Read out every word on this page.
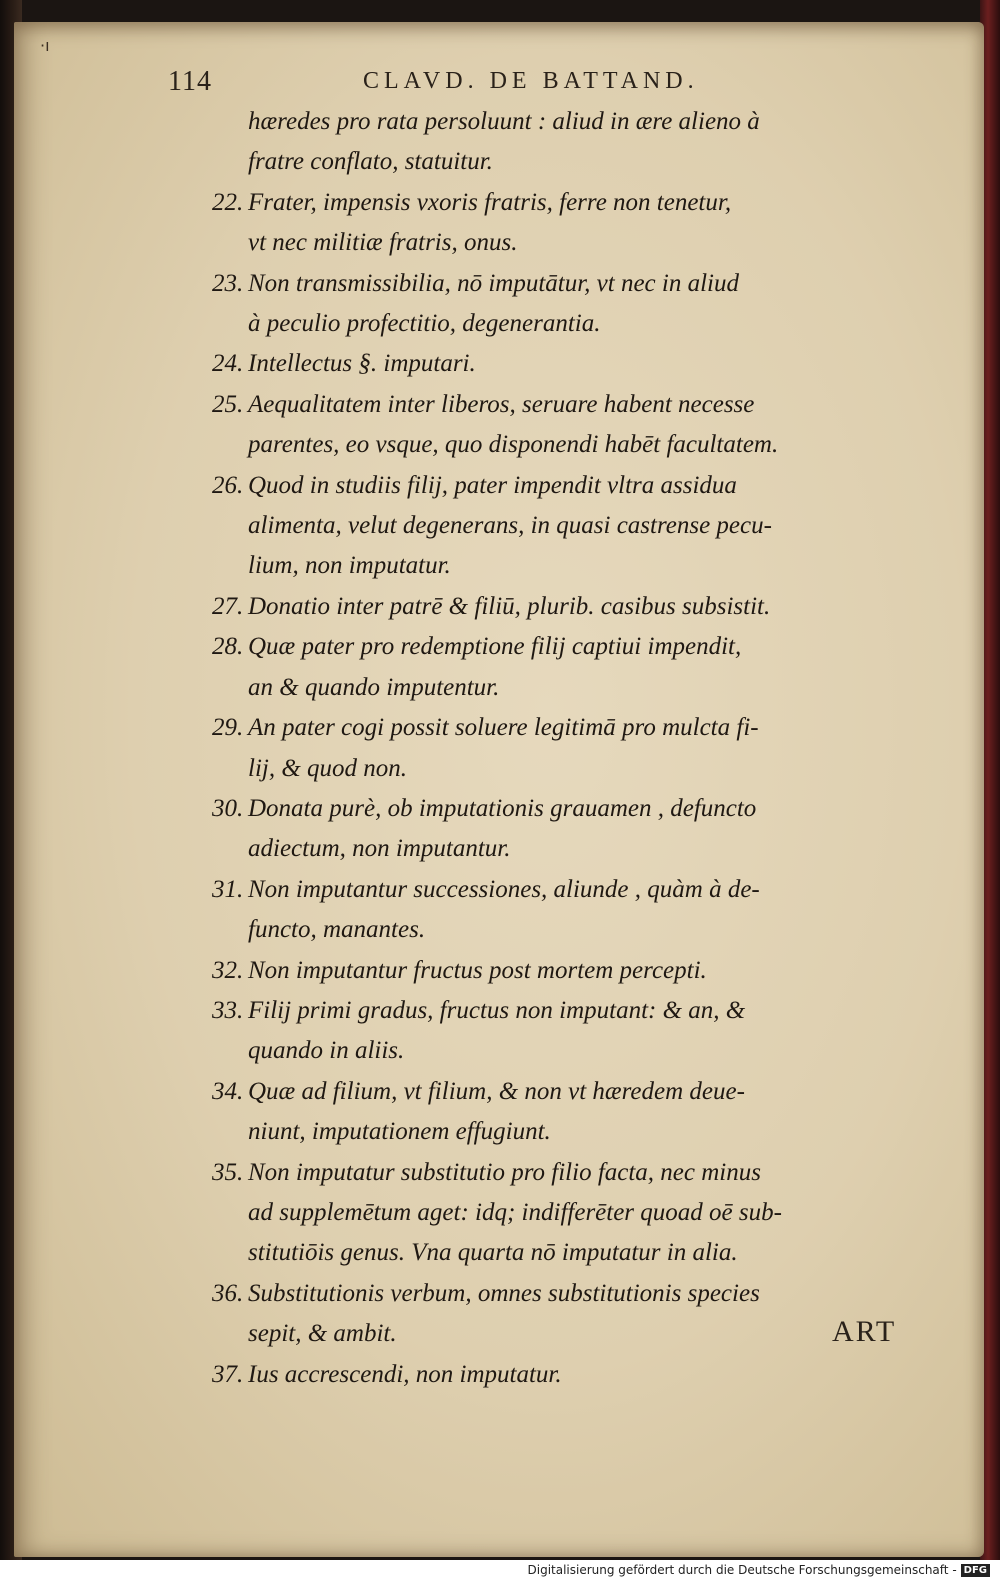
·ı
114	CLAVD. DE BATTAND.
hæredes pro rata persoluunt : aliud in ære alieno à
fratre conflato, statuitur.
22. Frater, impensis vxoris fratris, ferre non tenetur,
vt nec militiæ fratris, onus.
23. Non transmissibilia, nō imputātur, vt nec in aliud
à peculio profectitio, degenerantia.
24. Intellectus §. imputari.
25. Aequalitatem inter liberos, seruare habent necesse
parentes, eo vsque, quo disponendi habēt facultatem.
26. Quod in studiis filij, pater impendit vltra assidua
alimenta, velut degenerans, in quasi castrense pecu-
lium, non imputatur.
27. Donatio inter patrē & filiū, plurib. casibus subsistit.
28. Quæ pater pro redemptione filij captiui impendit,
an & quando imputentur.
29. An pater cogi possit soluere legitimā pro mulcta fi-
lij, & quod non.
30. Donata purè, ob imputationis grauamen , defuncto
adiectum, non imputantur.
31. Non imputantur successiones, aliunde , quàm à de-
functo, manantes.
32. Non imputantur fructus post mortem percepti.
33. Filij primi gradus, fructus non imputant: & an, &
quando in aliis.
34. Quæ ad filium, vt filium, & non vt hæredem deue-
niunt, imputationem effugiunt.
35. Non imputatur substitutio pro filio facta, nec minus
ad supplemētum aget: idq; indifferēter quoad oē sub-
stitutiōis genus. Vna quarta nō imputatur in alia.
36. Substitutionis verbum, omnes substitutionis species
sepit, & ambit.
37. Ius accrescendi, non imputatur.
ART
Digitalisierung gefördert durch die Deutsche Forschungsgemeinschaft - DFG
